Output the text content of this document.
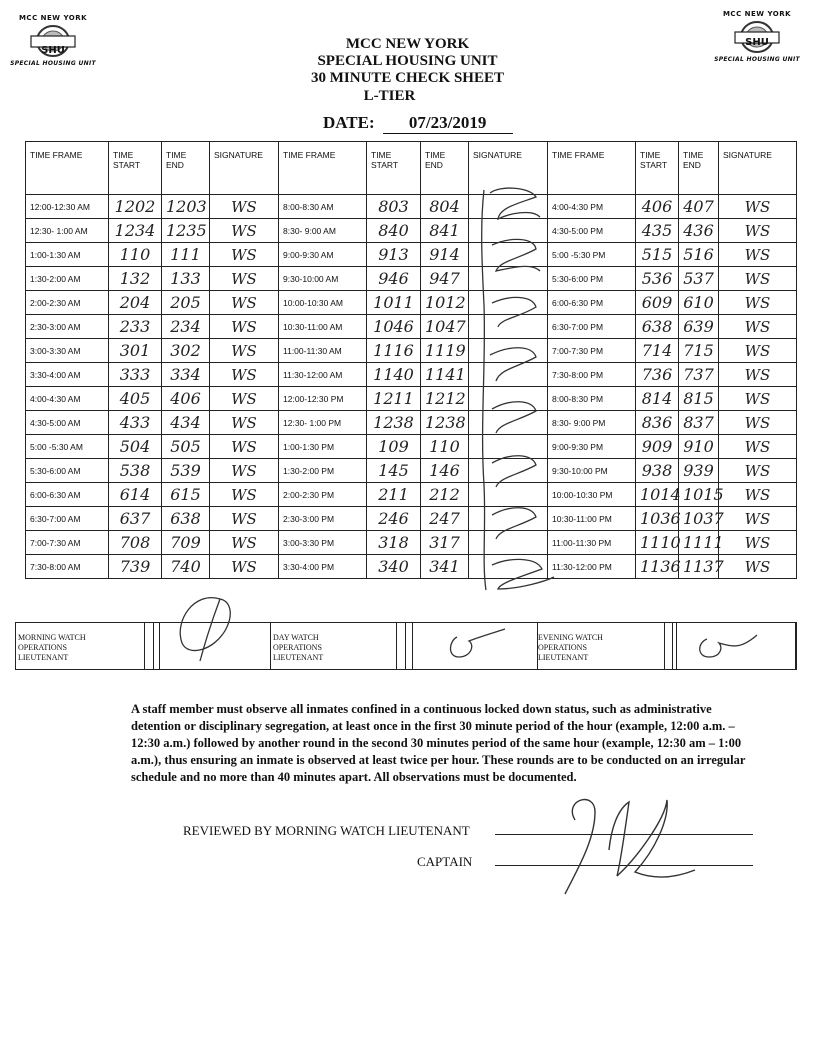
MCC NEW YORK
SHU
SPECIAL HOUSING UNIT
MCC NEW YORK
SHU
SPECIAL HOUSING UNIT
MCC NEW YORK
SPECIAL HOUSING UNIT
30 MINUTE CHECK SHEET
L-TIER
DATE: 07/23/2019
TIME FRAME	TIME START	TIME END	SIGNATURE	TIME FRAME	TIME START	TIME END	SIGNATURE	TIME FRAME	TIME START	TIME END	SIGNATURE
12:00-12:30 AM	1202	1203	WS	8:00-8:30 AM	803	804		4:00-4:30 PM	406	407	WS
12:30- 1:00 AM	1234	1235	WS	8:30- 9:00 AM	840	841		4:30-5:00 PM	435	436	WS
1:00-1:30 AM	110	111	WS	9:00-9:30 AM	913	914		5:00 -5:30 PM	515	516	WS
1:30-2:00 AM	132	133	WS	9:30-10:00 AM	946	947		5:30-6:00 PM	536	537	WS
2:00-2:30 AM	204	205	WS	10:00-10:30 AM	1011	1012		6:00-6:30 PM	609	610	WS
2:30-3:00 AM	233	234	WS	10:30-11:00 AM	1046	1047		6:30-7:00 PM	638	639	WS
3:00-3:30 AM	301	302	WS	11:00-11:30 AM	1116	1119		7:00-7:30 PM	714	715	WS
3:30-4:00 AM	333	334	WS	11:30-12:00 AM	1140	1141		7:30-8:00 PM	736	737	WS
4:00-4:30 AM	405	406	WS	12:00-12:30 PM	1211	1212		8:00-8:30 PM	814	815	WS
4:30-5:00 AM	433	434	WS	12:30- 1:00 PM	1238	1238		8:30- 9:00 PM	836	837	WS
5:00 -5:30 AM	504	505	WS	1:00-1:30 PM	109	110		9:00-9:30 PM	909	910	WS
5:30-6:00 AM	538	539	WS	1:30-2:00 PM	145	146		9:30-10:00 PM	938	939	WS
6:00-6:30 AM	614	615	WS	2:00-2:30 PM	211	212		10:00-10:30 PM	1014	1015	WS
6:30-7:00 AM	637	638	WS	2:30-3:00 PM	246	247		10:30-11:00 PM	1036	1037	WS
7:00-7:30 AM	708	709	WS	3:00-3:30 PM	318	317		11:00-11:30 PM	1110	1111	WS
7:30-8:00 AM	739	740	WS	3:30-4:00 PM	340	341		11:30-12:00 PM	1136	1137	WS
MORNING WATCH
OPERATIONS
LIEUTENANT
DAY WATCH
OPERATIONS
LIEUTENANT
EVENING WATCH
OPERATIONS
LIEUTENANT
A staff member must observe all inmates confined in a continuous locked down status, such as administrative detention or disciplinary segregation, at least once in the first 30 minute period of the hour (example, 12:00 a.m. – 12:30 a.m.) followed by another round in the second 30 minutes period of the same hour (example, 12:30 am – 1:00 a.m.), thus ensuring an inmate is observed at least twice per hour. These rounds are to be conducted on an irregular schedule and no more than 40 minutes apart. All observations must be documented.
REVIEWED BY MORNING WATCH LIEUTENANT
CAPTAIN
